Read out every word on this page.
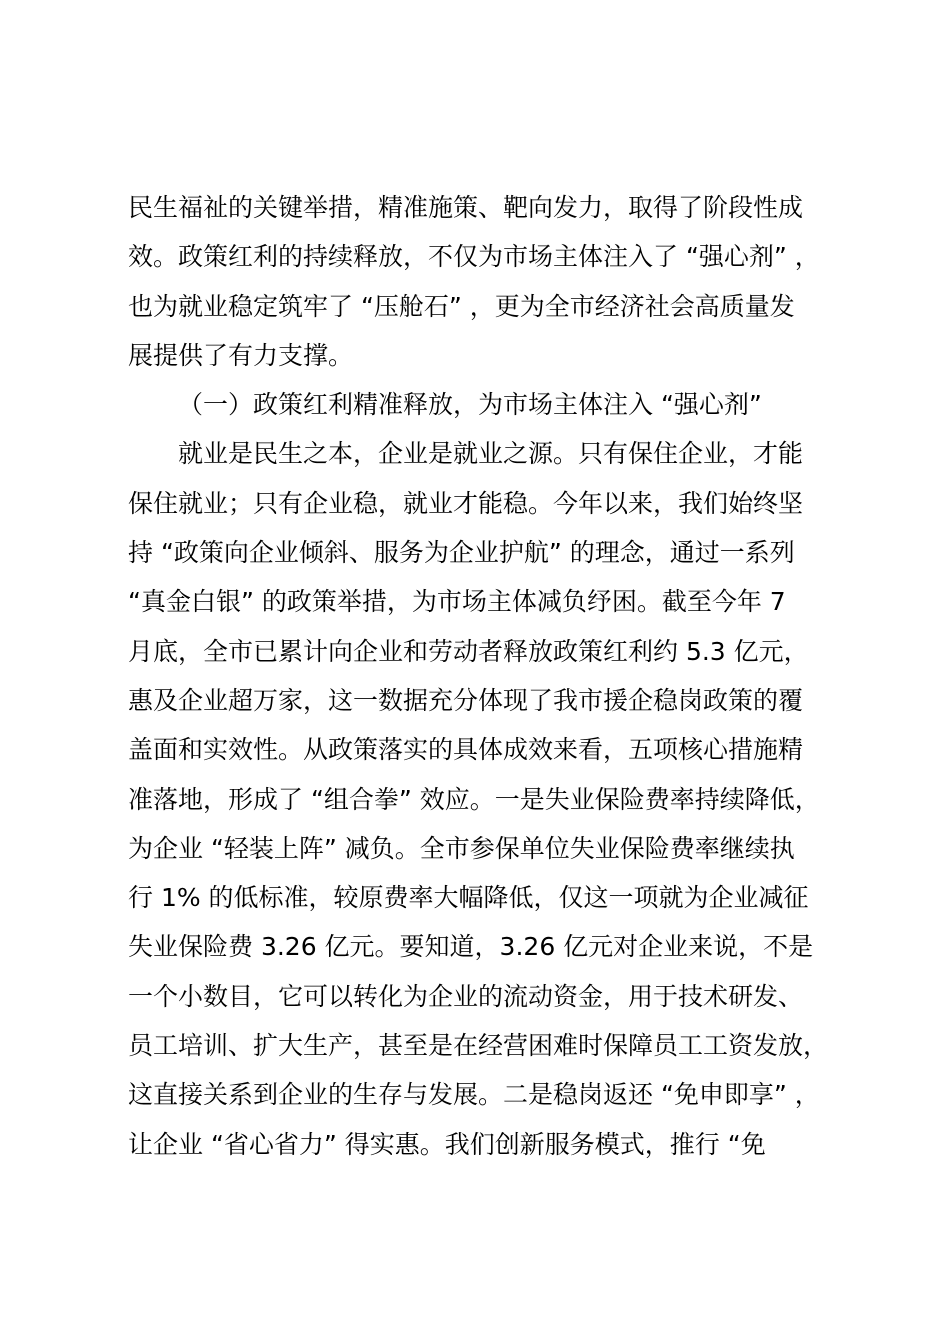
民生福祉的关键举措，精准施策、靶向发力，取得了阶段性成
效。政策红利的持续释放，不仅为市场主体注入了 “强心剂” ，
也为就业稳定筑牢了 “压舱石” ，更为全市经济社会高质量发
展提供了有力支撑。
（一）政策红利精准释放，为市场主体注入 “强心剂”
就业是民生之本，企业是就业之源。只有保住企业，才能
保住就业；只有企业稳，就业才能稳。今年以来，我们始终坚
持 “政策向企业倾斜、服务为企业护航” 的理念，通过一系列
“真金白银” 的政策举措，为市场主体减负纾困。截至今年 7
月底，全市已累计向企业和劳动者释放政策红利约 5.3 亿元，
惠及企业超万家，这一数据充分体现了我市援企稳岗政策的覆
盖面和实效性。从政策落实的具体成效来看，五项核心措施精
准落地，形成了 “组合拳” 效应。一是失业保险费率持续降低，
为企业 “轻装上阵” 减负。全市参保单位失业保险费率继续执
行 1% 的低标准，较原费率大幅降低，仅这一项就为企业减征
失业保险费 3.26 亿元。要知道，3.26 亿元对企业来说，不是
一个小数目，它可以转化为企业的流动资金，用于技术研发、
员工培训、扩大生产，甚至是在经营困难时保障员工工资发放，
这直接关系到企业的生存与发展。二是稳岗返还 “免申即享” ，
让企业 “省心省力” 得实惠。我们创新服务模式，推行 “免
